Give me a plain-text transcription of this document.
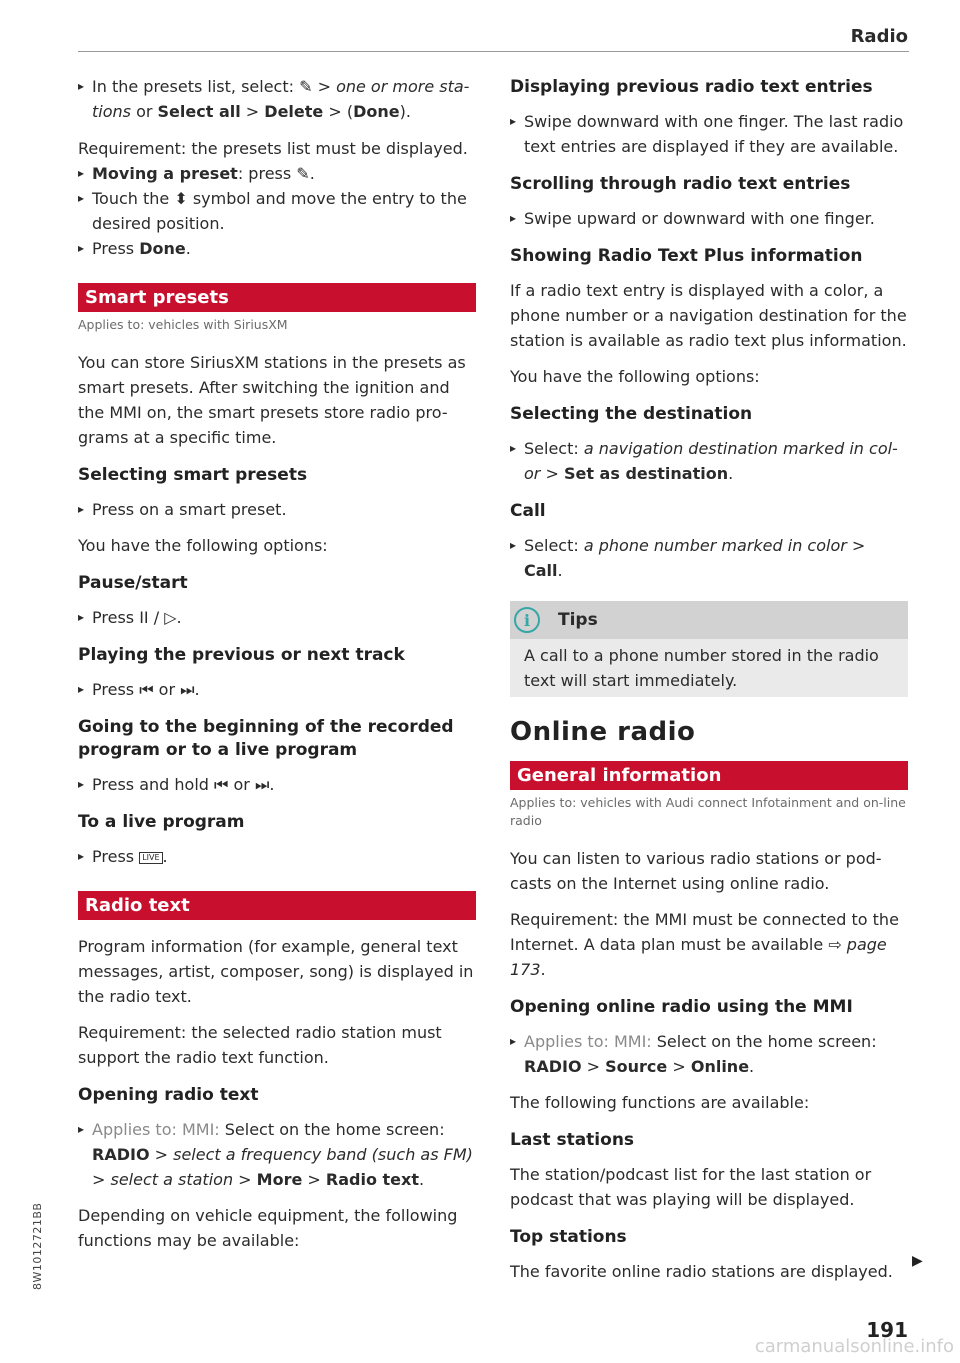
Radio

▸ In the presets list, select: ✎ > one or more sta-
tions or Select all > Delete > (Done).

Requirement: the presets list must be displayed.

▸ Moving a preset: press ✎.

▸ Touch the ⬍ symbol and move the entry to the desired position.

▸ Press Done.

Smart presets
Applies to: vehicles with SiriusXM

You can store SiriusXM stations in the presets as smart presets. After switching the ignition and the MMI on, the smart presets store radio pro-grams at a specific time.

Selecting smart presets

▸ Press on a smart preset.

You have the following options:

Pause/start

▸ Press II / ▷.

Playing the previous or next track

▸ Press ⏮︎ or ⏭︎.

Going to the beginning of the recorded program or to a live program

▸ Press and hold ⏮︎ or ⏭︎.

To a live program

▸ Press LIVE .

Radio text

Program information (for example, general text messages, artist, composer, song) is displayed in the radio text.

Requirement: the selected radio station must support the radio text function.

Opening radio text

▸ Applies to: MMI: Select on the home screen: RADIO > select a frequency band (such as FM) > select a station > More > Radio text.

Depending on vehicle equipment, the following functions may be available:

Displaying previous radio text entries

▸ Swipe downward with one finger. The last radio text entries are displayed if they are available.

Scrolling through radio text entries

▸ Swipe upward or downward with one finger.

Showing Radio Text Plus information

If a radio text entry is displayed with a color, a phone number or a navigation destination for the station is available as radio text plus information.

You have the following options:

Selecting the destination

▸ Select: a navigation destination marked in col-or > Set as destination.

Call

▸ Select: a phone number marked in color > Call.

i	Tips
A call to a phone number stored in the radio text will start immediately.
Online radio
General information
Applies to: vehicles with Audi connect Infotainment and on-line radio

You can listen to various radio stations or pod-casts on the Internet using online radio.

Requirement: the MMI must be connected to the Internet. A data plan must be available ⇨ page 173.

Opening online radio using the MMI

▸ Applies to: MMI: Select on the home screen: RADIO > Source > Online.

The following functions are available:

Last stations

The station/podcast list for the last station or podcast that was playing will be displayed.

Top stations

The favorite online radio stations are displayed.

▶
8W1012721BB
191
carmanualsonline.info
